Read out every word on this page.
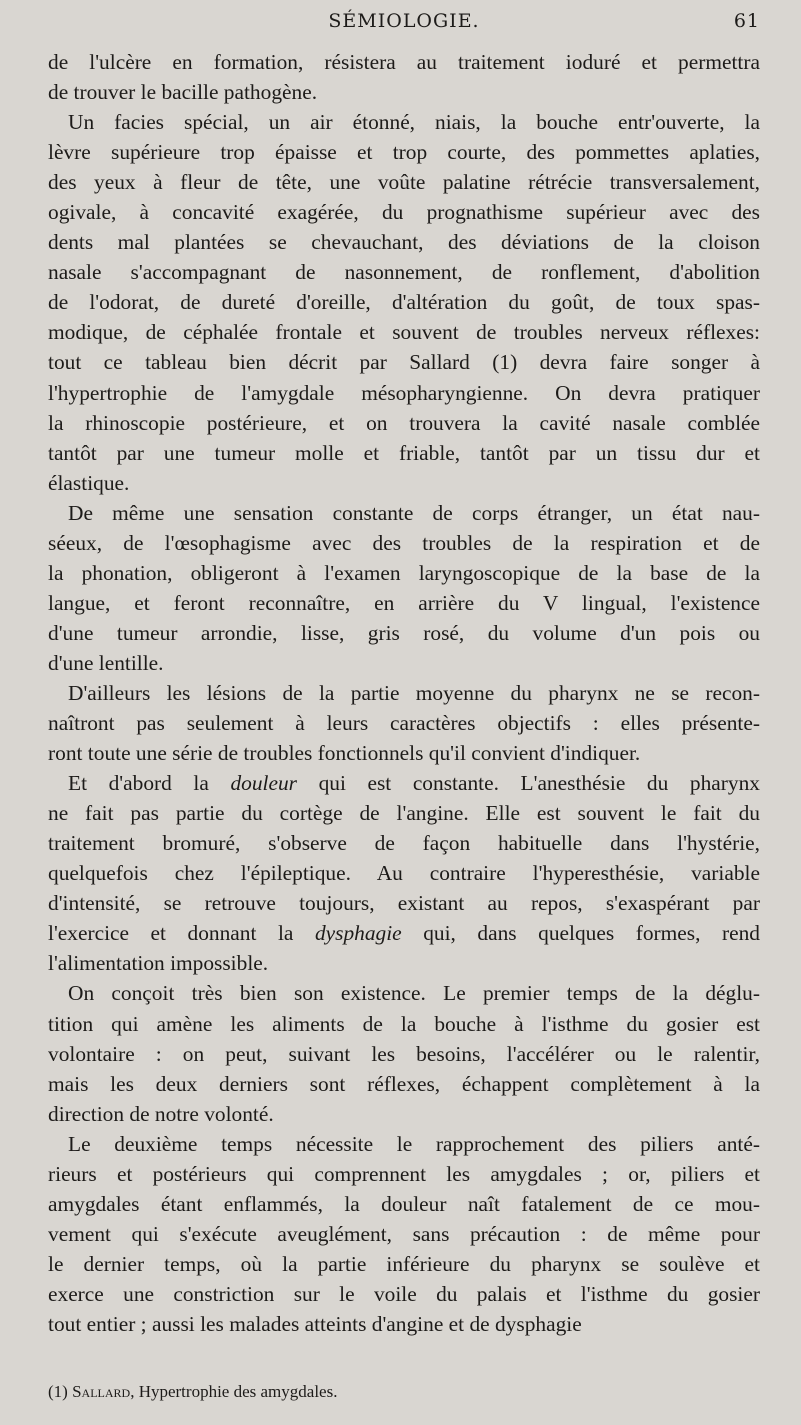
SÉMIOLOGIE.	61
de l'ulcère en formation, résistera au traitement ioduré et permettra
de trouver le bacille pathogène.
Un facies spécial, un air étonné, niais, la bouche entr'ouverte, la
lèvre supérieure trop épaisse et trop courte, des pommettes aplaties,
des yeux à fleur de tête, une voûte palatine rétrécie transversalement,
ogivale, à concavité exagérée, du prognathisme supérieur avec des
dents mal plantées se chevauchant, des déviations de la cloison
nasale s'accompagnant de nasonnement, de ronflement, d'abolition
de l'odorat, de dureté d'oreille, d'altération du goût, de toux spas-
modique, de céphalée frontale et souvent de troubles nerveux réflexes:
tout ce tableau bien décrit par Sallard (1) devra faire songer à
l'hypertrophie de l'amygdale mésopharyngienne. On devra pratiquer
la rhinoscopie postérieure, et on trouvera la cavité nasale comblée
tantôt par une tumeur molle et friable, tantôt par un tissu dur et
élastique.
De même une sensation constante de corps étranger, un état nau-
séeux, de l'œsophagisme avec des troubles de la respiration et de
la phonation, obligeront à l'examen laryngoscopique de la base de la
langue, et feront reconnaître, en arrière du V lingual, l'existence
d'une tumeur arrondie, lisse, gris rosé, du volume d'un pois ou
d'une lentille.
D'ailleurs les lésions de la partie moyenne du pharynx ne se recon-
naîtront pas seulement à leurs caractères objectifs : elles présente-
ront toute une série de troubles fonctionnels qu'il convient d'indiquer.
Et d'abord la douleur qui est constante. L'anesthésie du pharynx
ne fait pas partie du cortège de l'angine. Elle est souvent le fait du
traitement bromuré, s'observe de façon habituelle dans l'hystérie,
quelquefois chez l'épileptique. Au contraire l'hyperesthésie, variable
d'intensité, se retrouve toujours, existant au repos, s'exaspérant par
l'exercice et donnant la dysphagie qui, dans quelques formes, rend
l'alimentation impossible.
On conçoit très bien son existence. Le premier temps de la déglu-
tition qui amène les aliments de la bouche à l'isthme du gosier est
volontaire : on peut, suivant les besoins, l'accélérer ou le ralentir,
mais les deux derniers sont réflexes, échappent complètement à la
direction de notre volonté.
Le deuxième temps nécessite le rapprochement des piliers anté-
rieurs et postérieurs qui comprennent les amygdales ; or, piliers et
amygdales étant enflammés, la douleur naît fatalement de ce mou-
vement qui s'exécute aveuglément, sans précaution : de même pour
le dernier temps, où la partie inférieure du pharynx se soulève et
exerce une constriction sur le voile du palais et l'isthme du gosier
tout entier ; aussi les malades atteints d'angine et de dysphagie
(1) Sallard, Hypertrophie des amygdales.
